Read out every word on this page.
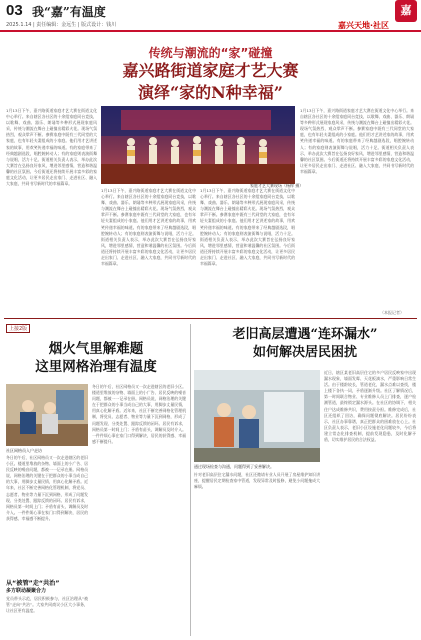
03 我“嘉”有温度
2025.1.14 | 责任编辑：金远生 | 版式设计：钱川	嘉兴天地·社区
嘉
传统与潮流的“家”碰撞
嘉兴路街道家庭才艺大赛
演绎“家的N种幸福”
1月13日下午，嘉兴路街道家庭才艺大赛在街道文化中心举行。来自辖区各社区的十余组家庭同台竞技，以歌舞、戏曲、器乐、朗诵等多种形式展现家庭风采，传统与潮流在舞台上碰撞出精彩火花。现场气氛热烈，观众掌声不断。参赛家庭中既有三代同堂的大家庭，也有年轻夫妻组成的小家庭。他们用才艺讲述家的故事，用欢笑传递幸福的味道。有的家庭带来了经典越剧选段，唱腔婉转动人；有的家庭则表演街舞与说唱，活力十足。街道相关负责人表示，举办此次大赛旨在弘扬良好家风，增进邻里感情，营造和谐温馨的社区氛围。今后街道还将持续开展丰富多彩的家庭文化活动，让更多居民走出家门、走进社区、融入大家庭，共同书写新时代的幸福篇章。
1月13日下午，嘉兴路街道家庭才艺大赛在街道文化中心举行。来自辖区各社区的十余组家庭同台竞技，以歌舞、戏曲、器乐、朗诵等多种形式展现家庭风采，传统与潮流在舞台上碰撞出精彩火花。现场气氛热烈，观众掌声不断。参赛家庭中既有三代同堂的大家庭，也有年轻夫妻组成的小家庭。他们用才艺讲述家的故事，用欢笑传递幸福的味道。有的家庭带来了经典越剧选段，唱腔婉转动人；有的家庭则表演街舞与说唱，活力十足。街道相关负责人表示，举办此次大赛旨在弘扬良好家风，增进邻里感情，营造和谐温馨的社区氛围。今后街道还将持续开展丰富多彩的家庭文化活动，让更多居民走出家门、走进社区、融入大家庭，共同书写新时代的幸福篇章。
1月13日下午，嘉兴路街道家庭才艺大赛在街道文化中心举行。来自辖区各社区的十余组家庭同台竞技，以歌舞、戏曲、器乐、朗诵等多种形式展现家庭风采，传统与潮流在舞台上碰撞出精彩火花。现场气氛热烈，观众掌声不断。参赛家庭中既有三代同堂的大家庭，也有年轻夫妻组成的小家庭。他们用才艺讲述家的故事，用欢笑传递幸福的味道。有的家庭带来了经典越剧选段，唱腔婉转动人；有的家庭则表演街舞与说唱，活力十足。街道相关负责人表示，举办此次大赛旨在弘扬良好家风，增进邻里感情，营造和谐温馨的社区氛围。今后街道还将持续开展丰富多彩的家庭文化活动，让更多居民走出家门、走进社区、融入大家庭，共同书写新时代的幸福篇章。
1月13日下午，嘉兴路街道家庭才艺大赛在街道文化中心举行。来自辖区各社区的十余组家庭同台竞技，以歌舞、戏曲、器乐、朗诵等多种形式展现家庭风采，传统与潮流在舞台上碰撞出精彩火花。现场气氛热烈，观众掌声不断。参赛家庭中既有三代同堂的大家庭，也有年轻夫妻组成的小家庭。他们用才艺讲述家的故事，用欢笑传递幸福的味道。有的家庭带来了经典越剧选段，唱腔婉转动人；有的家庭则表演街舞与说唱，活力十足。街道相关负责人表示，举办此次大赛旨在弘扬良好家风，增进邻里感情，营造和谐温馨的社区氛围。今后街道还将持续开展丰富多彩的家庭文化活动，让更多居民走出家门、走进社区、融入大家庭，共同书写新时代的幸福篇章。
家庭才艺大赛现场（杨梓 摄）
（本报记者）
上接2版
烟火气里解难题
这里网格治理有温度
社区网格员入户走访
冬日的午后，社区网格员又一次走进辖区的老旧小区。楼道里堆放的杂物、墙面上的小广告、居民反映的噪音问题，都被一一记录在册。网格员说，网格治理的关键在于把群众的小事当成自己的大事，用脚步丈量民情，用真心化解矛盾。近年来，社区不断完善网格化管理机制，将党员、志愿者、物业等力量下沉到网格，形成了问题发现、分类处置、跟踪反馈的闭环。居民有诉求，网格员第一时间上门；矛盾有苗头，调解员及时介入。一件件烦心事在家门口得到解决，居民的获得感、幸福感不断提升。
冬日的午后，社区网格员又一次走进辖区的老旧小区。楼道里堆放的杂物、墙面上的小广告、居民反映的噪音问题，都被一一记录在册。网格员说，网格治理的关键在于把群众的小事当成自己的大事，用脚步丈量民情，用真心化解矛盾。近年来，社区不断完善网格化管理机制，将党员、志愿者、物业等力量下沉到网格，形成了问题发现、分类处置、跟踪反馈的闭环。居民有诉求，网格员第一时间上门；矛盾有苗头，调解员及时介入。一件件烦心事在家门口得到解决，居民的获得感、幸福感不断提升。
从“被管”走“共治”
多方联动凝聚合力
党员带头示范，居民积极参与，社区治理从“被管”走向“共治”。大家共同商议小区大小事务，让社区更有温度。
老旧高层遭遇“连环漏水”
如何解决居民困扰
通过现场检查与沟通，问题得到了妥善解决。
近日，辖区某老旧高层住宅的多户居民反映家中出现漏水现象，墙面发霉、天花板滴水，严重影响日常生活。由于楼龄较长，管道老化，漏水点难以查找，楼上楼下各执一词，矛盾逐渐升级。社区了解情况后，第一时间联合物业、专业维修人员上门排查，逐户检测管道，最终锁定漏水源头。在社区的协调下，相关住户达成维修共识，费用按责分担。维修完成后，社区还组织了回访，确保问题彻底解决。居民纷纷表示，社区办事靠谱，真正把群众的困难放在心上。社区负责人表示，老旧小区设施老化问题较多，今后将建立常态化排查机制，提前发现隐患，及时化解矛盾，切实维护居民的合法权益。
针对老旧高层住宅漏水问题，社区还邀请专业人员开展了房屋维护知识讲座，提醒居民定期检查家中管道，发现异常及时报修，避免小问题拖成大麻烦。
